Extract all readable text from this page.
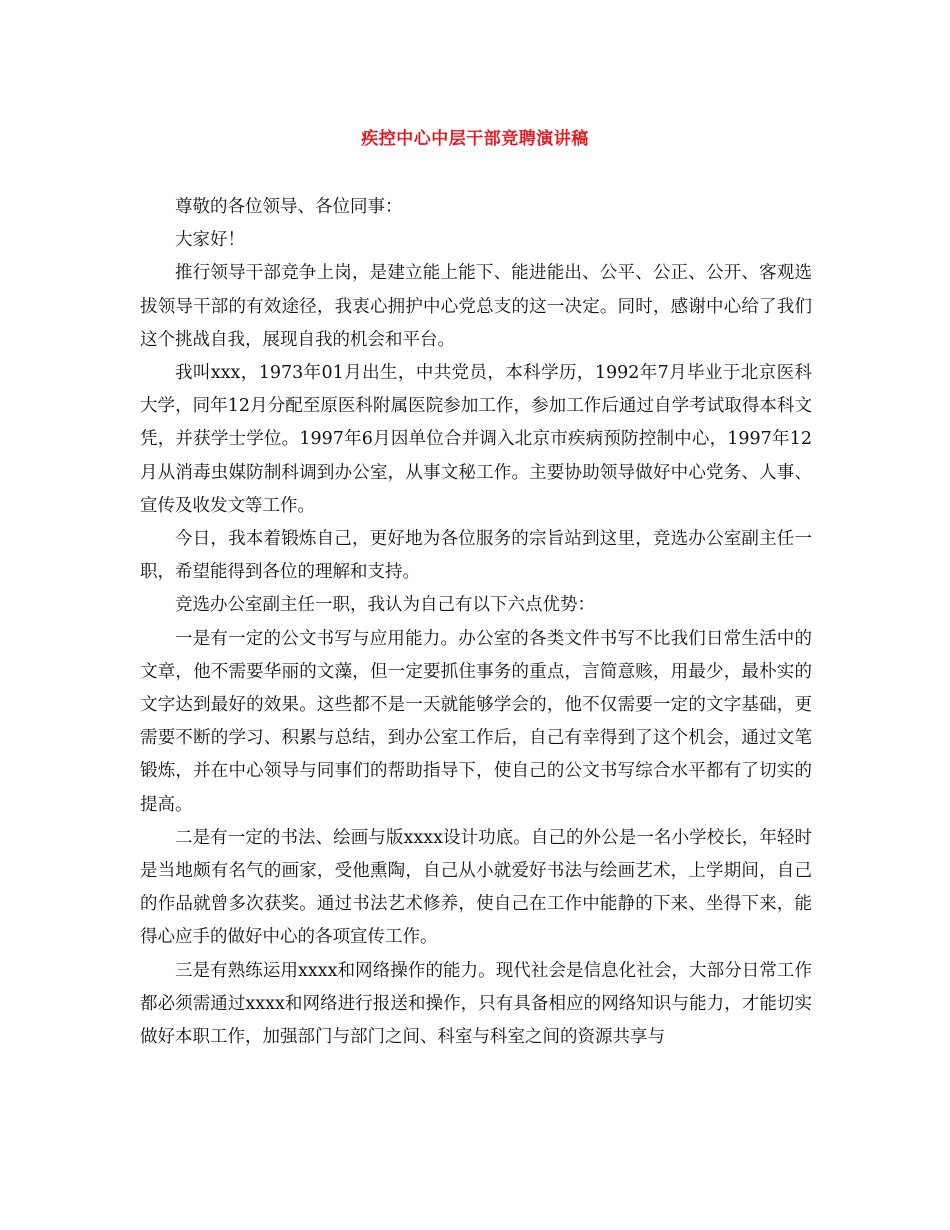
疾控中心中层干部竞聘演讲稿

尊敬的各位领导、各位同事：

大家好！

推行领导干部竞争上岗，是建立能上能下、能进能出、公平、公正、公开、客观选拔领导干部的有效途径，我衷心拥护中心党总支的这一决定。同时，感谢中心给了我们这个挑战自我，展现自我的机会和平台。

我叫xxx，1973年01月出生，中共党员，本科学历，1992年7月毕业于北京医科大学，同年12月分配至原医科附属医院参加工作，参加工作后通过自学考试取得本科文凭，并获学士学位。1997年6月因单位合并调入北京市疾病预防控制中心，1997年12月从消毒虫媒防制科调到办公室，从事文秘工作。主要协助领导做好中心党务、人事、宣传及收发文等工作。

今日，我本着锻炼自己，更好地为各位服务的宗旨站到这里，竞选办公室副主任一职，希望能得到各位的理解和支持。

竞选办公室副主任一职，我认为自己有以下六点优势：

一是有一定的公文书写与应用能力。办公室的各类文件书写不比我们日常生活中的文章，他不需要华丽的文藻，但一定要抓住事务的重点，言简意赅，用最少，最朴实的文字达到最好的效果。这些都不是一天就能够学会的，他不仅需要一定的文字基础，更需要不断的学习、积累与总结，到办公室工作后，自己有幸得到了这个机会，通过文笔锻炼，并在中心领导与同事们的帮助指导下，使自己的公文书写综合水平都有了切实的提高。

二是有一定的书法、绘画与版xxxx设计功底。自己的外公是一名小学校长，年轻时是当地颇有名气的画家，受他熏陶，自己从小就爱好书法与绘画艺术，上学期间，自己的作品就曾多次获奖。通过书法艺术修养，使自己在工作中能静的下来、坐得下来，能得心应手的做好中心的各项宣传工作。

三是有熟练运用xxxx和网络操作的能力。现代社会是信息化社会，大部分日常工作都必须需通过xxxx和网络进行报送和操作，只有具备相应的网络知识与能力，才能切实做好本职工作，加强部门与部门之间、科室与科室之间的资源共享与
